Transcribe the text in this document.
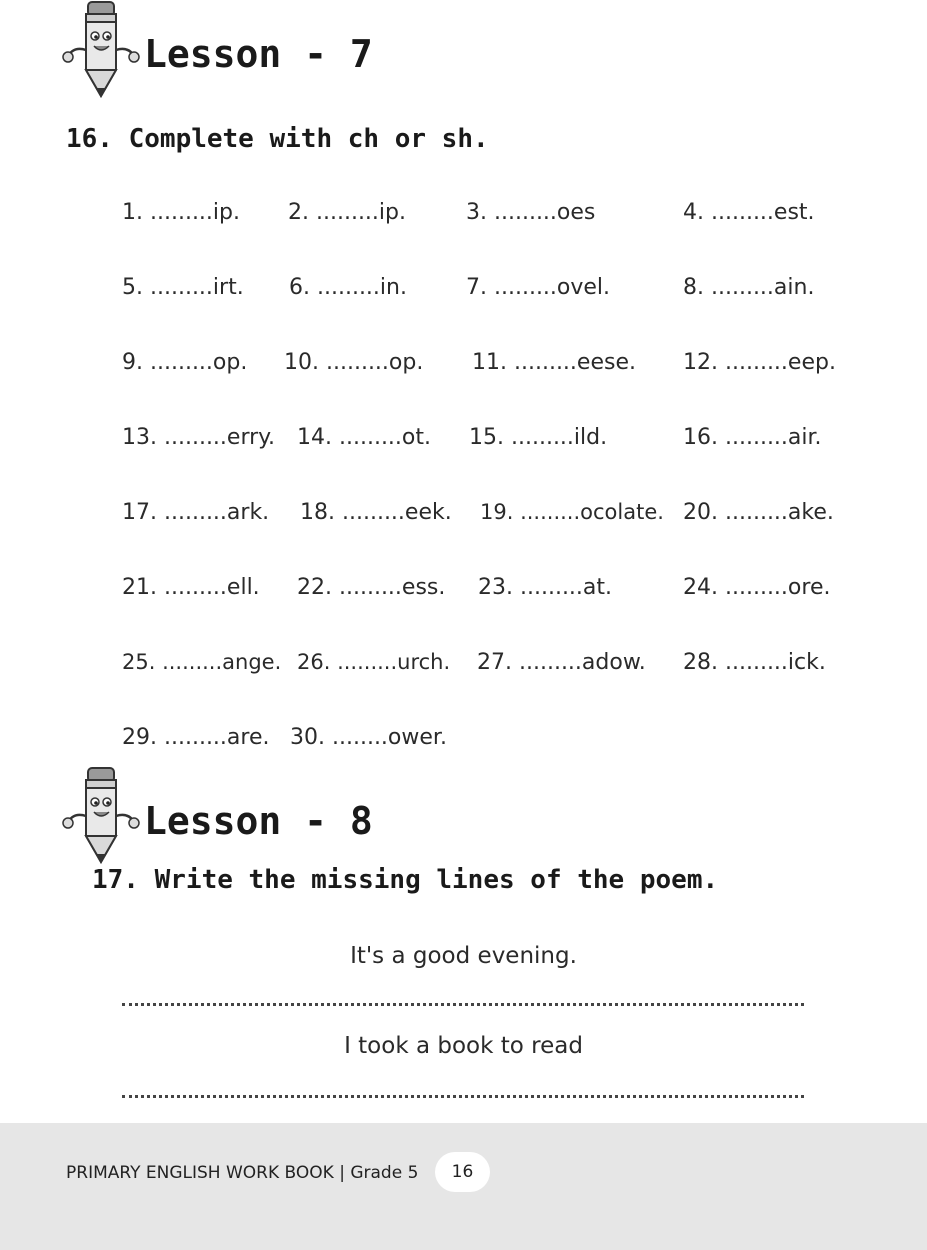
Lesson - 7
16. Complete with ch or sh.
1. .........ip. 2. .........ip.	3. .........oes	4. .........est.
5. .........irt. 6. .........in.	7. .........ovel.	8. .........ain.
9. .........op. 10. .........op. 11. .........eese. 12. .........eep.
13. .........erry. 14. .........ot. 15. .........ild.	16. .........air.
17. .........ark. 18. .........eek. 19. .........ocolate. 20. .........ake.
21. .........ell. 22. .........ess. 23. .........at.	24. .........ore.
25. .........ange. 26. .........urch. 27. .........adow. 28. .........ick.
29. .........are. 30. ........ower.
Lesson - 8
17. Write the missing lines of the poem.
It's a good evening.
I took a book to read
PRIMARY ENGLISH WORK BOOK | Grade 5	16
